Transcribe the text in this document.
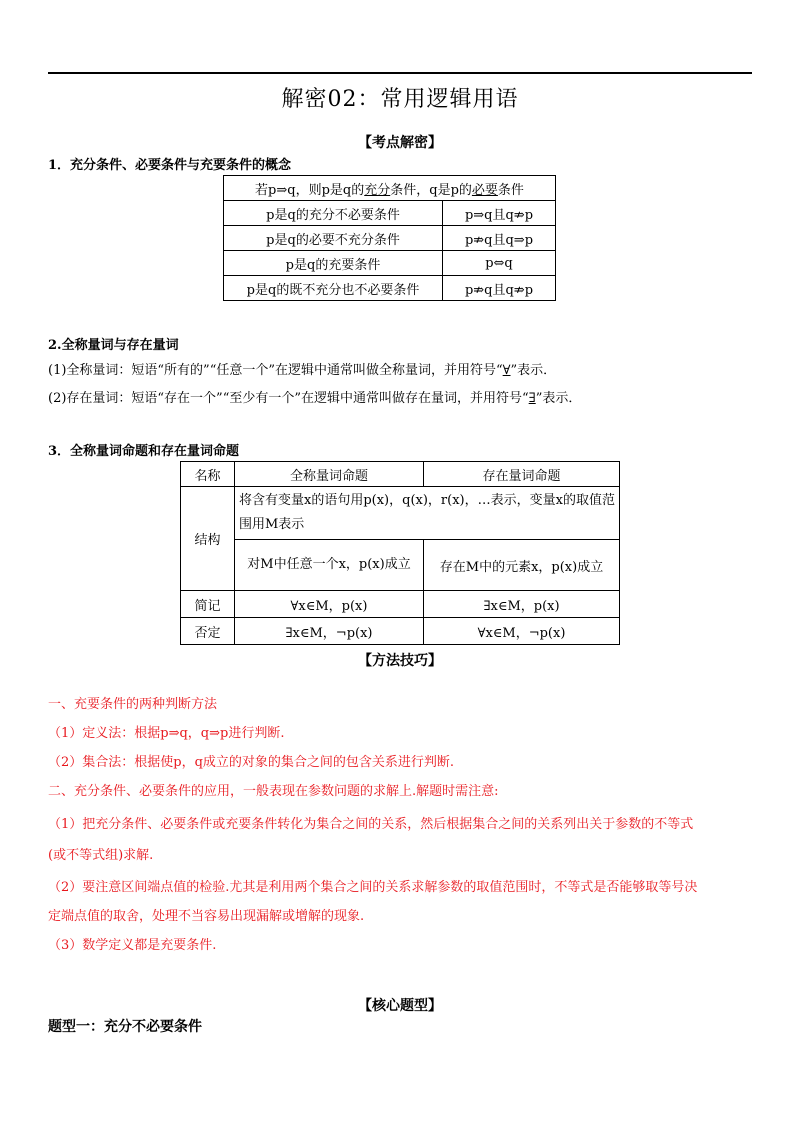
解密02：常用逻辑用语
【考点解密】
1．充分条件、必要条件与充要条件的概念
若p⇒q，则p是q的充分条件，q是p的必要条件	
p是q的充分不必要条件	p⇒q且q⇏p
p是q的必要不充分条件	p⇏q且q⇒p
p是q的充要条件	p⇔q
p是q的既不充分也不必要条件	p⇏q且q⇏p
2.全称量词与存在量词
(1)全称量词：短语“所有的”“任意一个”在逻辑中通常叫做全称量词，并用符号“∀”表示．
(2)存在量词：短语“存在一个”“至少有一个”在逻辑中通常叫做存在量词，并用符号“∃”表示．
3．全称量词命题和存在量词命题
名称	全称量词命题	存在量词命题
结构	将含有变量x的语句用p(x)，q(x)，r(x)，…表示，变量x的取值范围用M表示	
	对M中任意一个x，p(x)成立	存在M中的元素x，p(x)成立
简记	∀x∈M，p(x)	∃x∈M，p(x)
否定	∃x∈M，¬p(x)	∀x∈M，¬p(x)
【方法技巧】
一、充要条件的两种判断方法
（1）定义法：根据p⇒q，q⇒p进行判断.
（2）集合法：根据使p，q成立的对象的集合之间的包含关系进行判断.
二、充分条件、必要条件的应用，一般表现在参数问题的求解上.解题时需注意:
（1）把充分条件、必要条件或充要条件转化为集合之间的关系，然后根据集合之间的关系列出关于参数的不等式
(或不等式组)求解.
（2）要注意区间端点值的检验.尤其是利用两个集合之间的关系求解参数的取值范围时，不等式是否能够取等号决
定端点值的取舍，处理不当容易出现漏解或增解的现象.
（3）数学定义都是充要条件.
【核心题型】
题型一：充分不必要条件
